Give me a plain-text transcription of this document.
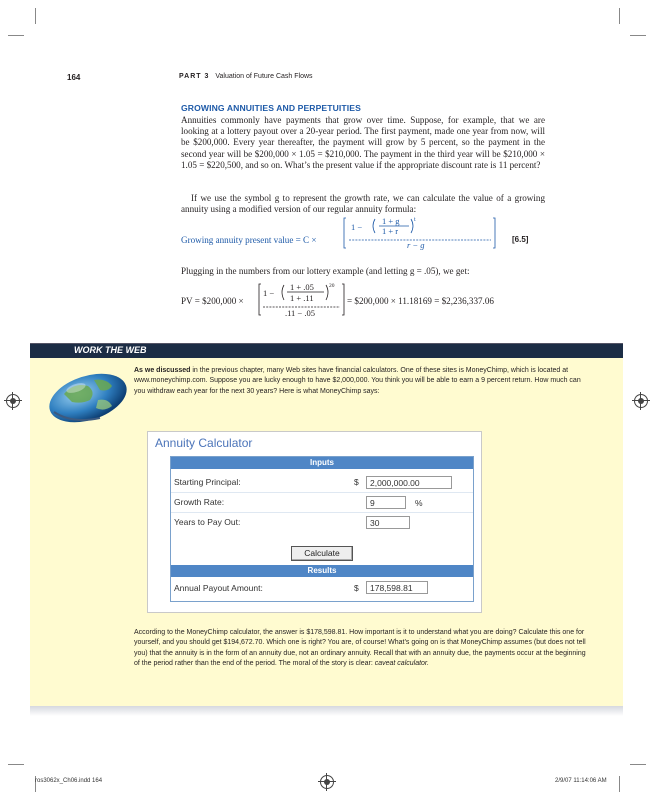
164	PART 3 Valuation of Future Cash Flows
GROWING ANNUITIES AND PERPETUITIES
Annuities commonly have payments that grow over time. Suppose, for example, that we are looking at a lottery payout over a 20-year period. The first payment, made one year from now, will be $200,000. Every year thereafter, the payment will grow by 5 percent, so the payment in the second year will be $200,000 × 1.05 = $210,000. The payment in the third year will be $210,000 × 1.05 = $220,500, and so on. What’s the present value if the appropriate discount rate is 11 percent?
If we use the symbol g to represent the growth rate, we can calculate the value of a growing annuity using a modified version of our regular annuity formula:
Growing annuity present value = C ×
1 −
1 + g
1 + r
t
r − g
[6.5]
Plugging in the numbers from our lottery example (and letting g = .05), we get:
PV = $200,000 ×
1 −
1 + .05
1 + .11
20
.11 − .05
= $200,000 × 11.18169 = $2,236,337.06
WORK THE WEB
As we discussed in the previous chapter, many Web sites have financial calculators. One of these sites is MoneyChimp, which is located at www.moneychimp.com. Suppose you are lucky enough to have $2,000,000. You think you will be able to earn a 9 percent return. How much can you withdraw each year for the next 30 years? Here is what MoneyChimp says:
Annuity Calculator
Inputs
Starting Principal:	$	2,000,000.00
Growth Rate:	9	%
Years to Pay Out:	30
Calculate
Results
Annual Payout Amount:	$	178,598.81
According to the MoneyChimp calculator, the answer is $178,598.81. How important is it to understand what you are doing? Calculate this one for yourself, and you should get $194,672.70. Which one is right? You are, of course! What’s going on is that MoneyChimp assumes (but does not tell you) that the annuity is in the form of an annuity due, not an ordinary annuity. Recall that with an annuity due, the payments occur at the beginning of the period rather than the end of the period. The moral of the story is clear: caveat calculator.
ros3062x_Ch06.indd 164	2/9/07 11:14:06 AM
